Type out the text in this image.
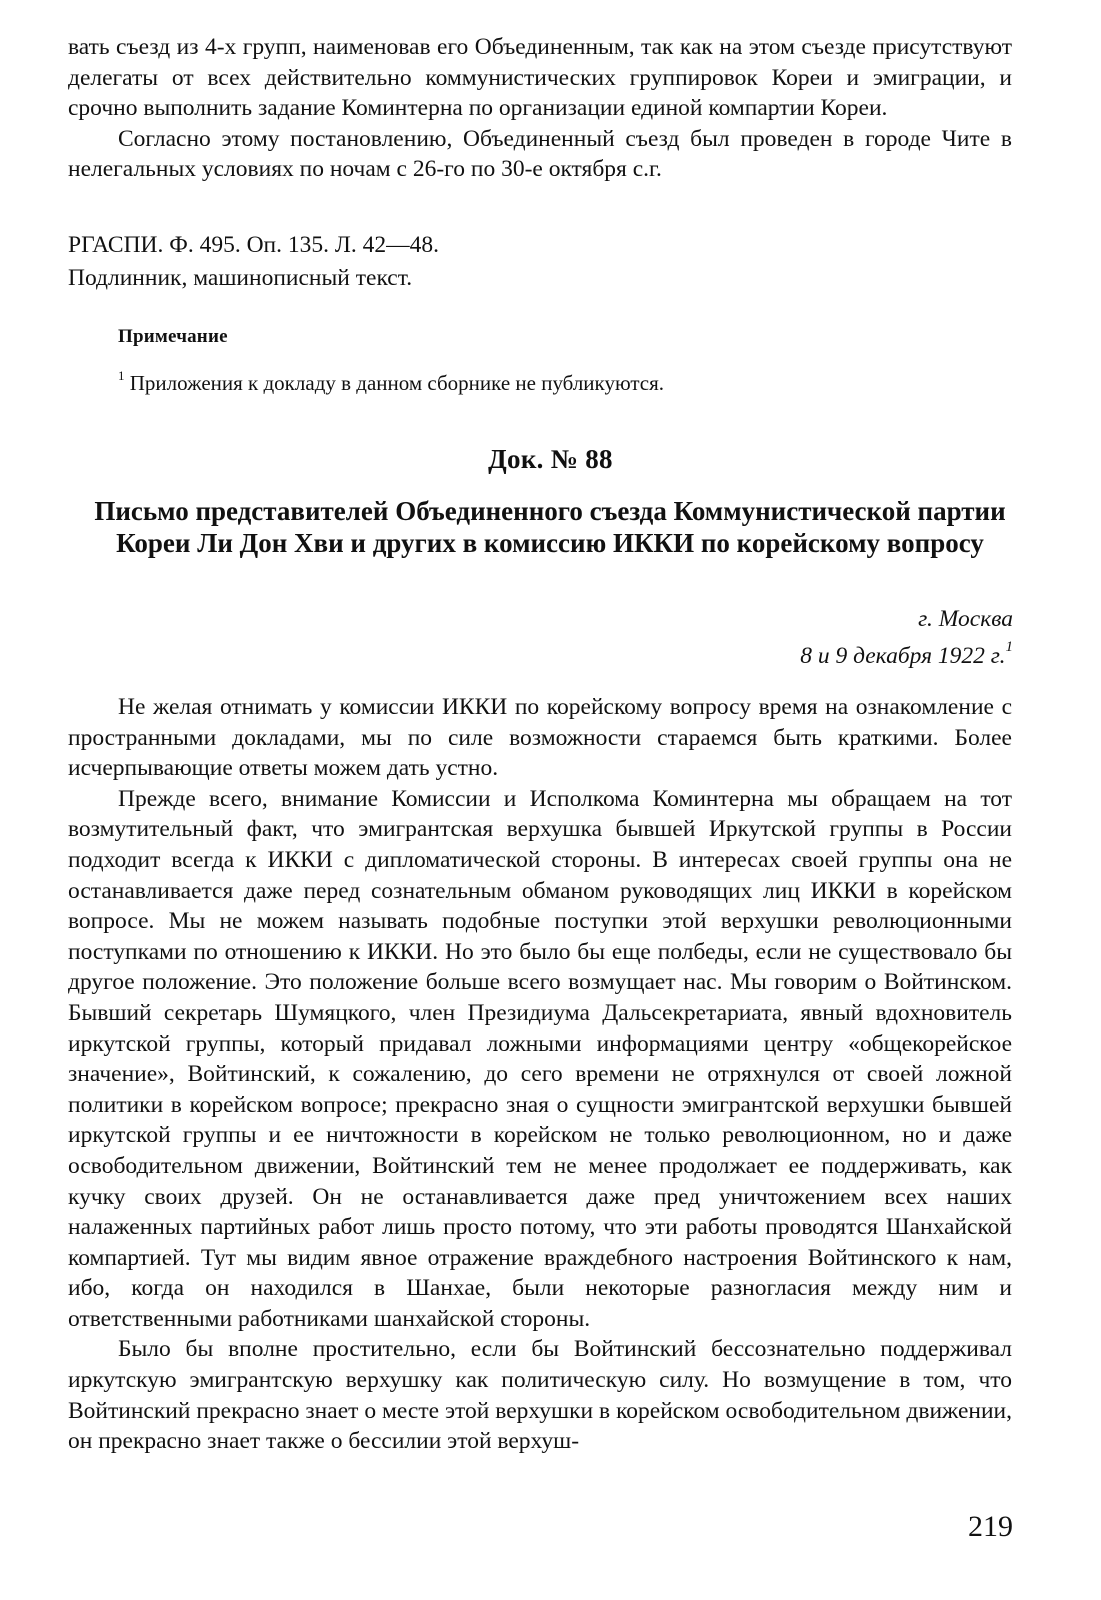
вать съезд из 4-х групп, наименовав его Объединенным, так как на этом съезде присутствуют делегаты от всех действительно коммунистических группировок Кореи и эмиграции, и срочно выполнить задание Коминтерна по организации единой компартии Кореи.

Согласно этому постановлению, Объединенный съезд был проведен в городе Чите в нелегальных условиях по ночам с 26-го по 30-е октября с.г.

РГАСПИ. Ф. 495. Оп. 135. Л. 42—48.
Подлинник, машинописный текст.
Примечание
$^1$ Приложения к докладу в данном сборнике не публикуются.
Док. № 88
Письмо представителей Объединенного съезда Коммунистической партии Кореи Ли Дон Хви и других в комиссию ИККИ по корейскому вопросу
г. Москва
8 и 9 декабря 1922 г.$^1$

Не желая отнимать у комиссии ИККИ по корейскому вопросу время на ознакомление с пространными докладами, мы по силе возможности стараемся быть краткими. Более исчерпывающие ответы можем дать устно.

Прежде всего, внимание Комиссии и Исполкома Коминтерна мы обращаем на тот возмутительный факт, что эмигрантская верхушка бывшей Иркутской группы в России подходит всегда к ИККИ с дипломатической стороны. В интересах своей группы она не останавливается даже перед сознательным обманом руководящих лиц ИККИ в корейском вопросе. Мы не можем называть подобные поступки этой верхушки революционными поступками по отношению к ИККИ. Но это было бы еще полбеды, если не существовало бы другое положение. Это положение больше всего возмущает нас. Мы говорим о Войтинском. Бывший секретарь Шумяцкого, член Президиума Дальсекретариата, явный вдохновитель иркутской группы, который придавал ложными информациями центру «общекорейское значение», Войтинский, к сожалению, до сего времени не отряхнулся от своей ложной политики в корейском вопросе; прекрасно зная о сущности эмигрантской верхушки бывшей иркутской группы и ее ничтожности в корейском не только революционном, но и даже освободительном движении, Войтинский тем не менее продолжает ее поддерживать, как кучку своих друзей. Он не останавливается даже пред уничтожением всех наших налаженных партийных работ лишь просто потому, что эти работы проводятся Шанхайской компартией. Тут мы видим явное отражение враждебного настроения Войтинского к нам, ибо, когда он находился в Шанхае, были некоторые разногласия между ним и ответственными работниками шанхайской стороны.

Было бы вполне простительно, если бы Войтинский бессознательно поддерживал иркутскую эмигрантскую верхушку как политическую силу. Но возмущение в том, что Войтинский прекрасно знает о месте этой верхушки в корейском освободительном движении, он прекрасно знает также о бессилии этой верхуш-

219
